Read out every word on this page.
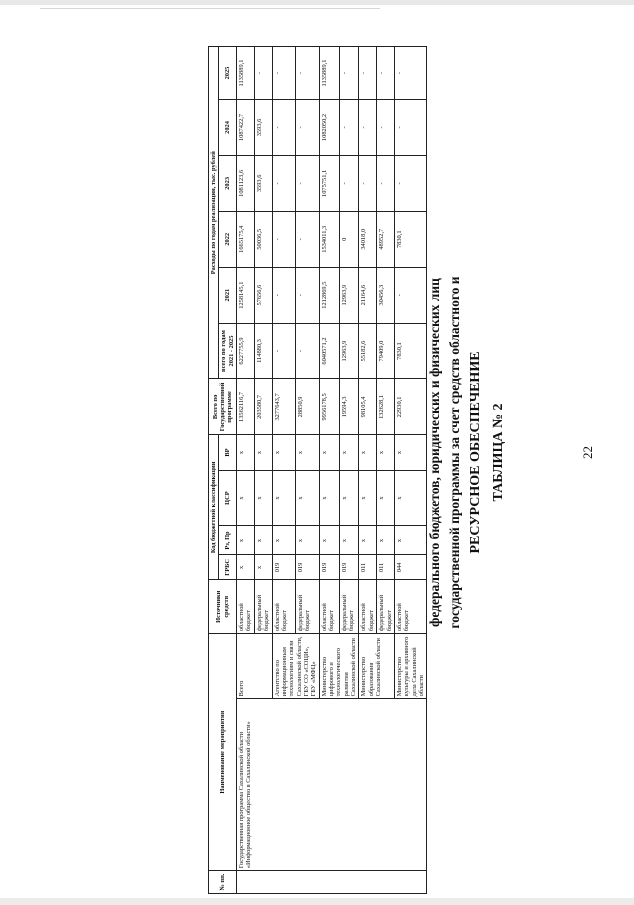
22
ТАБЛИЦА № 2
РЕСУРСНОЕ ОБЕСПЕЧЕНИЕ
государственной программы за счет средств областного и
федерального бюджетов, юридических и физических лиц
№ пп.	Наименование мероприятия		Источники средств	Код бюджетной классификации				Всего по Государственной программе	Расходы по годам реализации, тыс. рублей					
				ГРБС	Рз, Пр	ЦСР	ВР		всего по годам 2021 - 2025	2021	2022	2023	2024	2025
	Государственная программа Сахалинской области «Информационное общество в Сахалинской области»	Всего	областной бюджет	x	x	x	x	13562116,7	6227755,9	1258145,1	1665175,4	1081123,6	1087422,7	1135889,1
			федеральный бюджет	x	x	x	x	203580,7	114880,3	57656,6	50036,5	3593,6	3593,6	-
		Агентство по информационным технологиям и связи Сахалинской области, ГБУ СО «СОЦИ», ГБУ «МФЦ»	областной бюджет	019	x	x	x	3277643,7	-	-	-	-	-	-
			федеральный бюджет	019	x	x	x	28850,9	-	-	-	-	-	-
		Министерство цифрового и технологического развития Сахалинской области	областной бюджет	019	x	x	x	9956178,5	6040571,2	1212869,5	1534011,3	1075751,1	1082050,2	1135889,1
			федеральный бюджет	019	x	x	x	19594,3	12963,9	12963,9	0	-	-	-
		Министерство образования Сахалинской области	областной бюджет	011	x	x	x	98105,4	55182,6	21164,6	34018,0	-	-	-
			федеральный бюджет	011	x	x	x	132628,1	79409,0	30456,3	48952,7	-	-	-
		Министерство культуры и архивного дела Сахалинской области	областной бюджет	044	x	x	x	22930,1	7830,1	-	7830,1	-	-	-
